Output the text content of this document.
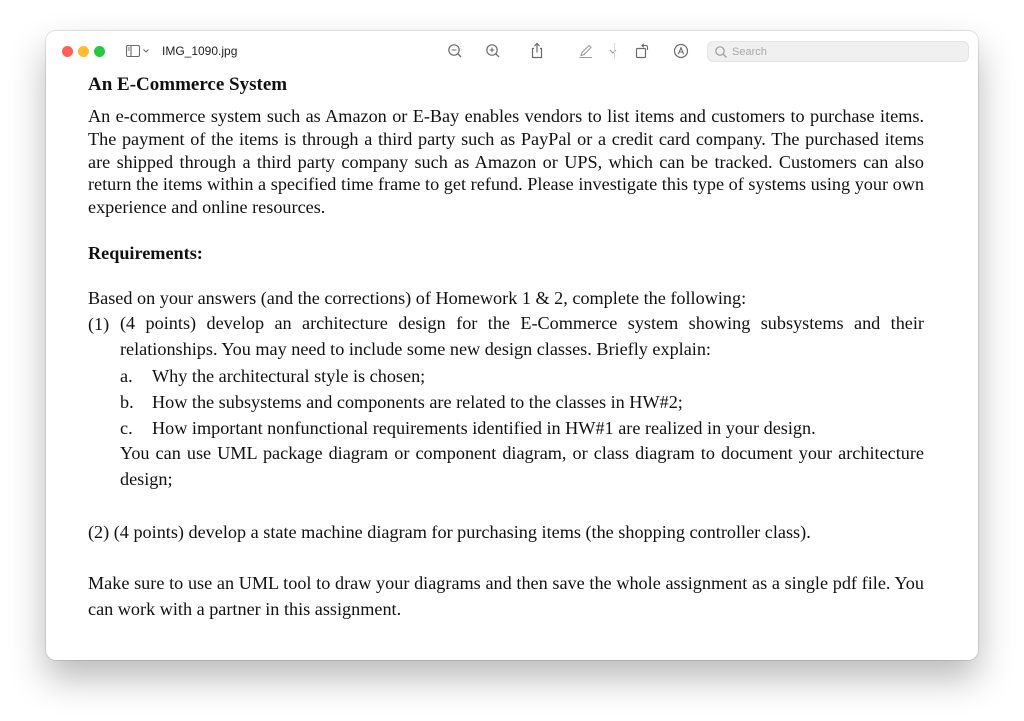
IMG_1090.jpg
Search
An E-Commerce System
An e-commerce system such as Amazon or E-Bay enables vendors to list items and customers to purchase items. The payment of the items is through a third party such as PayPal or a credit card company. The purchased items are shipped through a third party company such as Amazon or UPS, which can be tracked. Customers can also return the items within a specified time frame to get refund. Please investigate this type of systems using your own experience and online resources.
Requirements:
Based on your answers (and the corrections) of Homework 1 & 2, complete the following:
(1) (4 points) develop an architecture design for the E-Commerce system showing subsystems and their relationships. You may need to include some new design classes. Briefly explain:
a. Why the architectural style is chosen;
b. How the subsystems and components are related to the classes in HW#2;
c. How important nonfunctional requirements identified in HW#1 are realized in your design.
You can use UML package diagram or component diagram, or class diagram to document your architecture design;
(2) (4 points) develop a state machine diagram for purchasing items (the shopping controller class).
Make sure to use an UML tool to draw your diagrams and then save the whole assignment as a single pdf file. You can work with a partner in this assignment.
